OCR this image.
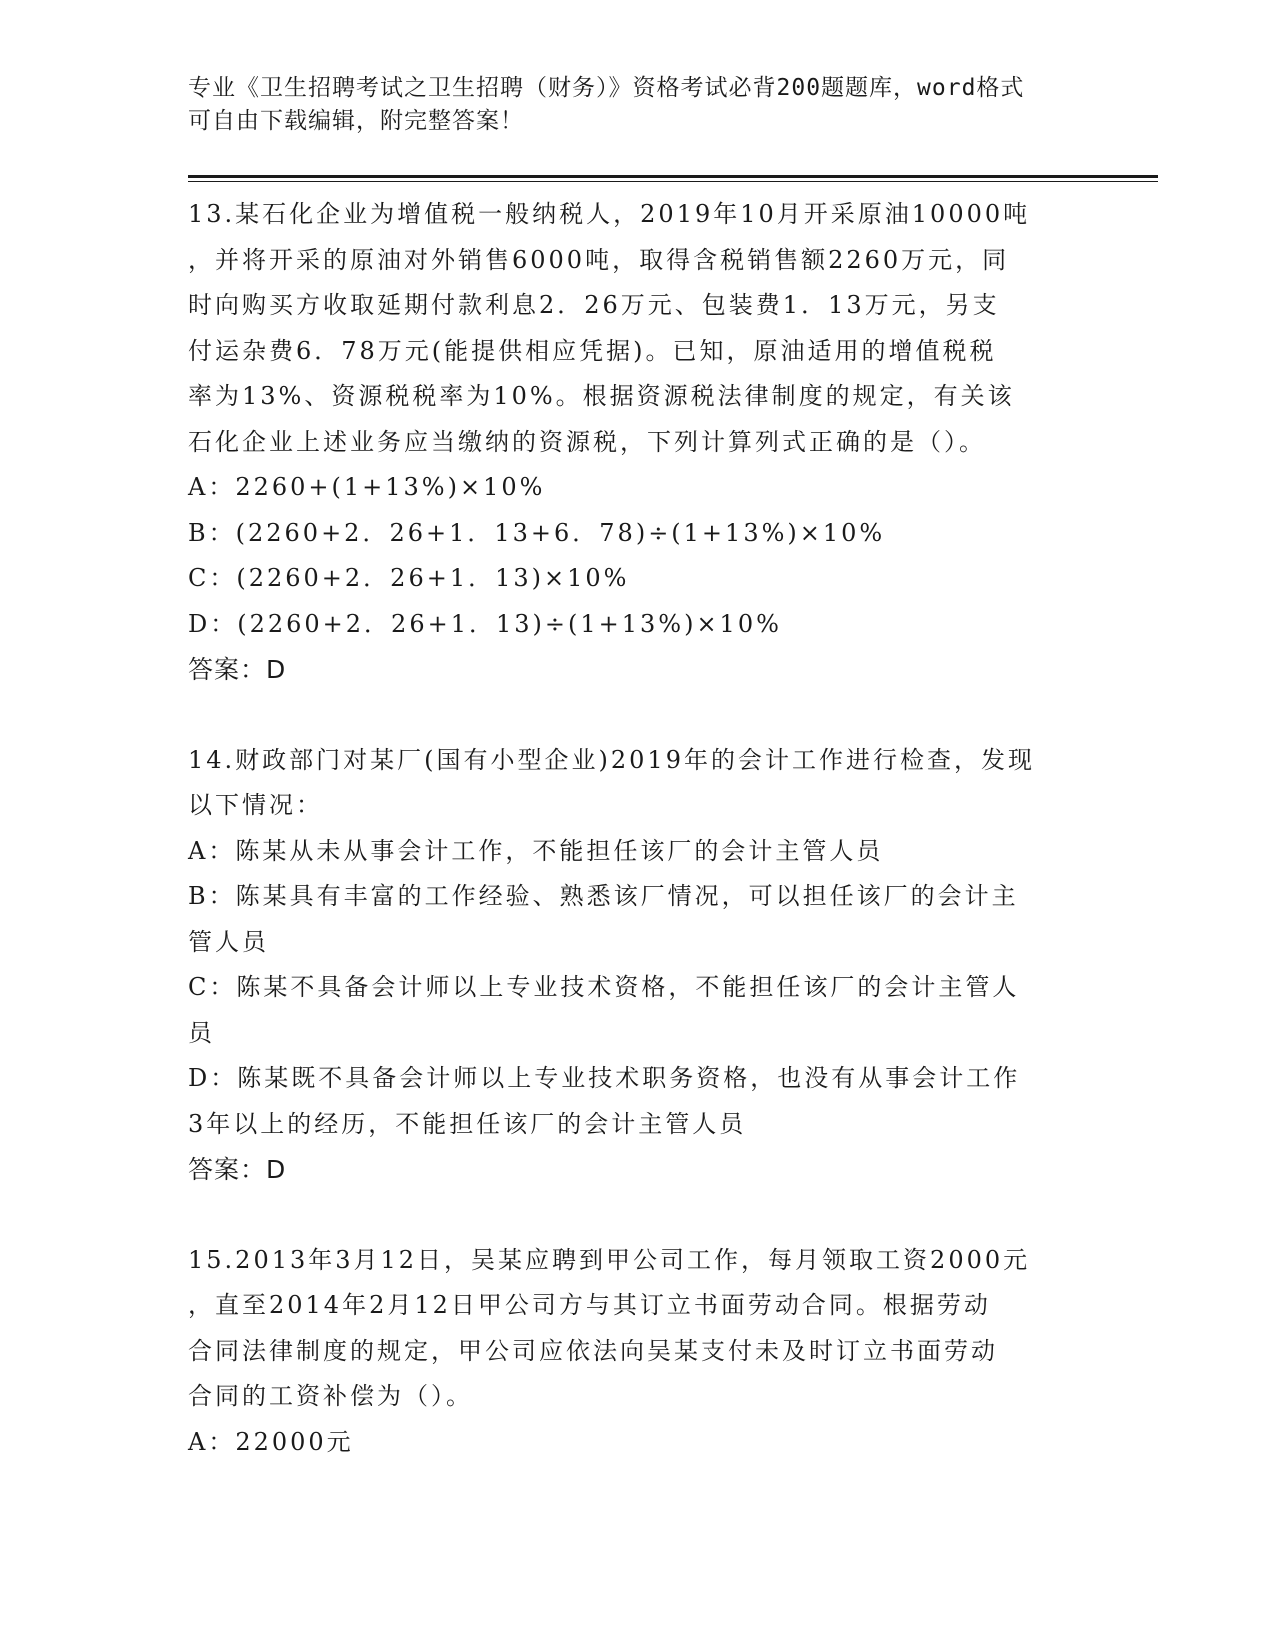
专业《卫生招聘考试之卫生招聘（财务）》资格考试必背200题题库，word格式
可自由下载编辑，附完整答案！
13.某石化企业为增值税一般纳税人，2019年10月开采原油10000吨
，并将开采的原油对外销售6000吨，取得含税销售额2260万元，同
时向购买方收取延期付款利息2．26万元、包装费1．13万元，另支
付运杂费6．78万元(能提供相应凭据)。已知，原油适用的增值税税
率为13%、资源税税率为10%。根据资源税法律制度的规定，有关该
石化企业上述业务应当缴纳的资源税，下列计算列式正确的是（）。
A：2260+(1+13%)×10%
B：(2260+2．26+1．13+6．78)÷(1+13%)×10%
C：(2260+2．26+1．13)×10%
D：(2260+2．26+1．13)÷(1+13%)×10%
答案：D
14.财政部门对某厂(国有小型企业)2019年的会计工作进行检查，发现
以下情况：
A：陈某从未从事会计工作，不能担任该厂的会计主管人员
B：陈某具有丰富的工作经验、熟悉该厂情况，可以担任该厂的会计主
管人员
C：陈某不具备会计师以上专业技术资格，不能担任该厂的会计主管人
员
D：陈某既不具备会计师以上专业技术职务资格，也没有从事会计工作
3年以上的经历，不能担任该厂的会计主管人员
答案：D
15.2013年3月12日，吴某应聘到甲公司工作，每月领取工资2000元
，直至2014年2月12日甲公司方与其订立书面劳动合同。根据劳动
合同法律制度的规定，甲公司应依法向吴某支付未及时订立书面劳动
合同的工资补偿为（）。
A：22000元
